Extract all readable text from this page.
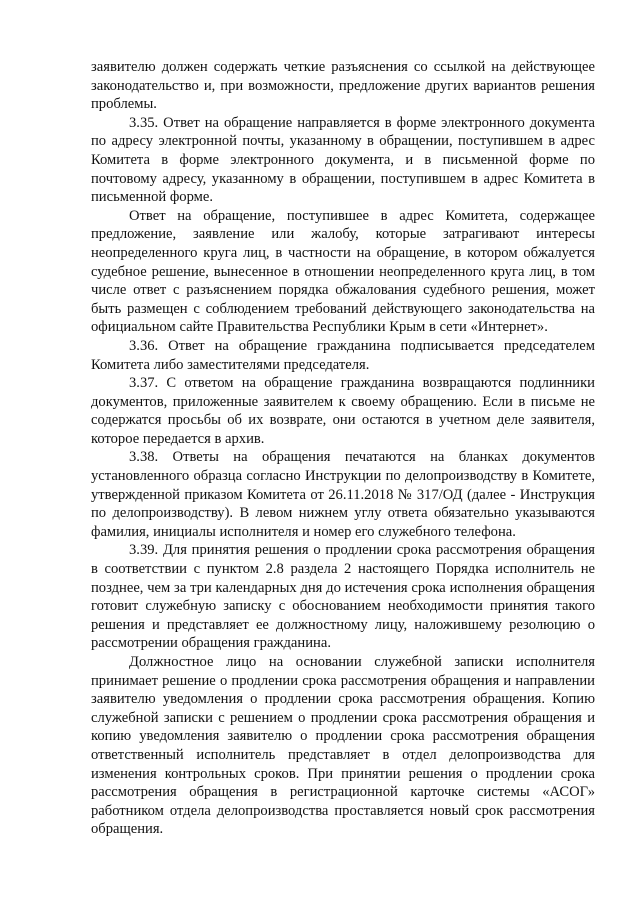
заявителю должен содержать четкие разъяснения со ссылкой на действующее законодательство и, при возможности, предложение других вариантов решения проблемы.

3.35. Ответ на обращение направляется в форме электронного документа по адресу электронной почты, указанному в обращении, поступившем в адрес Комитета в форме электронного документа, и в письменной форме по почтовому адресу, указанному в обращении, поступившем в адрес Комитета в письменной форме.

Ответ на обращение, поступившее в адрес Комитета, содержащее предложение, заявление или жалобу, которые затрагивают интересы неопределенного круга лиц, в частности на обращение, в котором обжалуется судебное решение, вынесенное в отношении неопределенного круга лиц, в том числе ответ с разъяснением порядка обжалования судебного решения, может быть размещен с соблюдением требований действующего законодательства на официальном сайте Правительства Республики Крым в сети «Интернет».

3.36. Ответ на обращение гражданина подписывается председателем Комитета либо заместителями председателя.

3.37. С ответом на обращение гражданина возвращаются подлинники документов, приложенные заявителем к своему обращению. Если в письме не содержатся просьбы об их возврате, они остаются в учетном деле заявителя, которое передается в архив.

3.38. Ответы на обращения печатаются на бланках документов установленного образца согласно Инструкции по делопроизводству в Комитете, утвержденной приказом Комитета от 26.11.2018 № 317/ОД (далее - Инструкция по делопроизводству). В левом нижнем углу ответа обязательно указываются фамилия, инициалы исполнителя и номер его служебного телефона.

3.39. Для принятия решения о продлении срока рассмотрения обращения в соответствии с пунктом 2.8 раздела 2 настоящего Порядка исполнитель не позднее, чем за три календарных дня до истечения срока исполнения обращения готовит служебную записку с обоснованием необходимости принятия такого решения и представляет ее должностному лицу, наложившему резолюцию о рассмотрении обращения гражданина.

Должностное лицо на основании служебной записки исполнителя принимает решение о продлении срока рассмотрения обращения и направлении заявителю уведомления о продлении срока рассмотрения обращения. Копию служебной записки с решением о продлении срока рассмотрения обращения и копию уведомления заявителю о продлении срока рассмотрения обращения ответственный исполнитель представляет в отдел делопроизводства для изменения контрольных сроков. При принятии решения о продлении срока рассмотрения обращения в регистрационной карточке системы «АСОГ» работником отдела делопроизводства проставляется новый срок рассмотрения обращения.
